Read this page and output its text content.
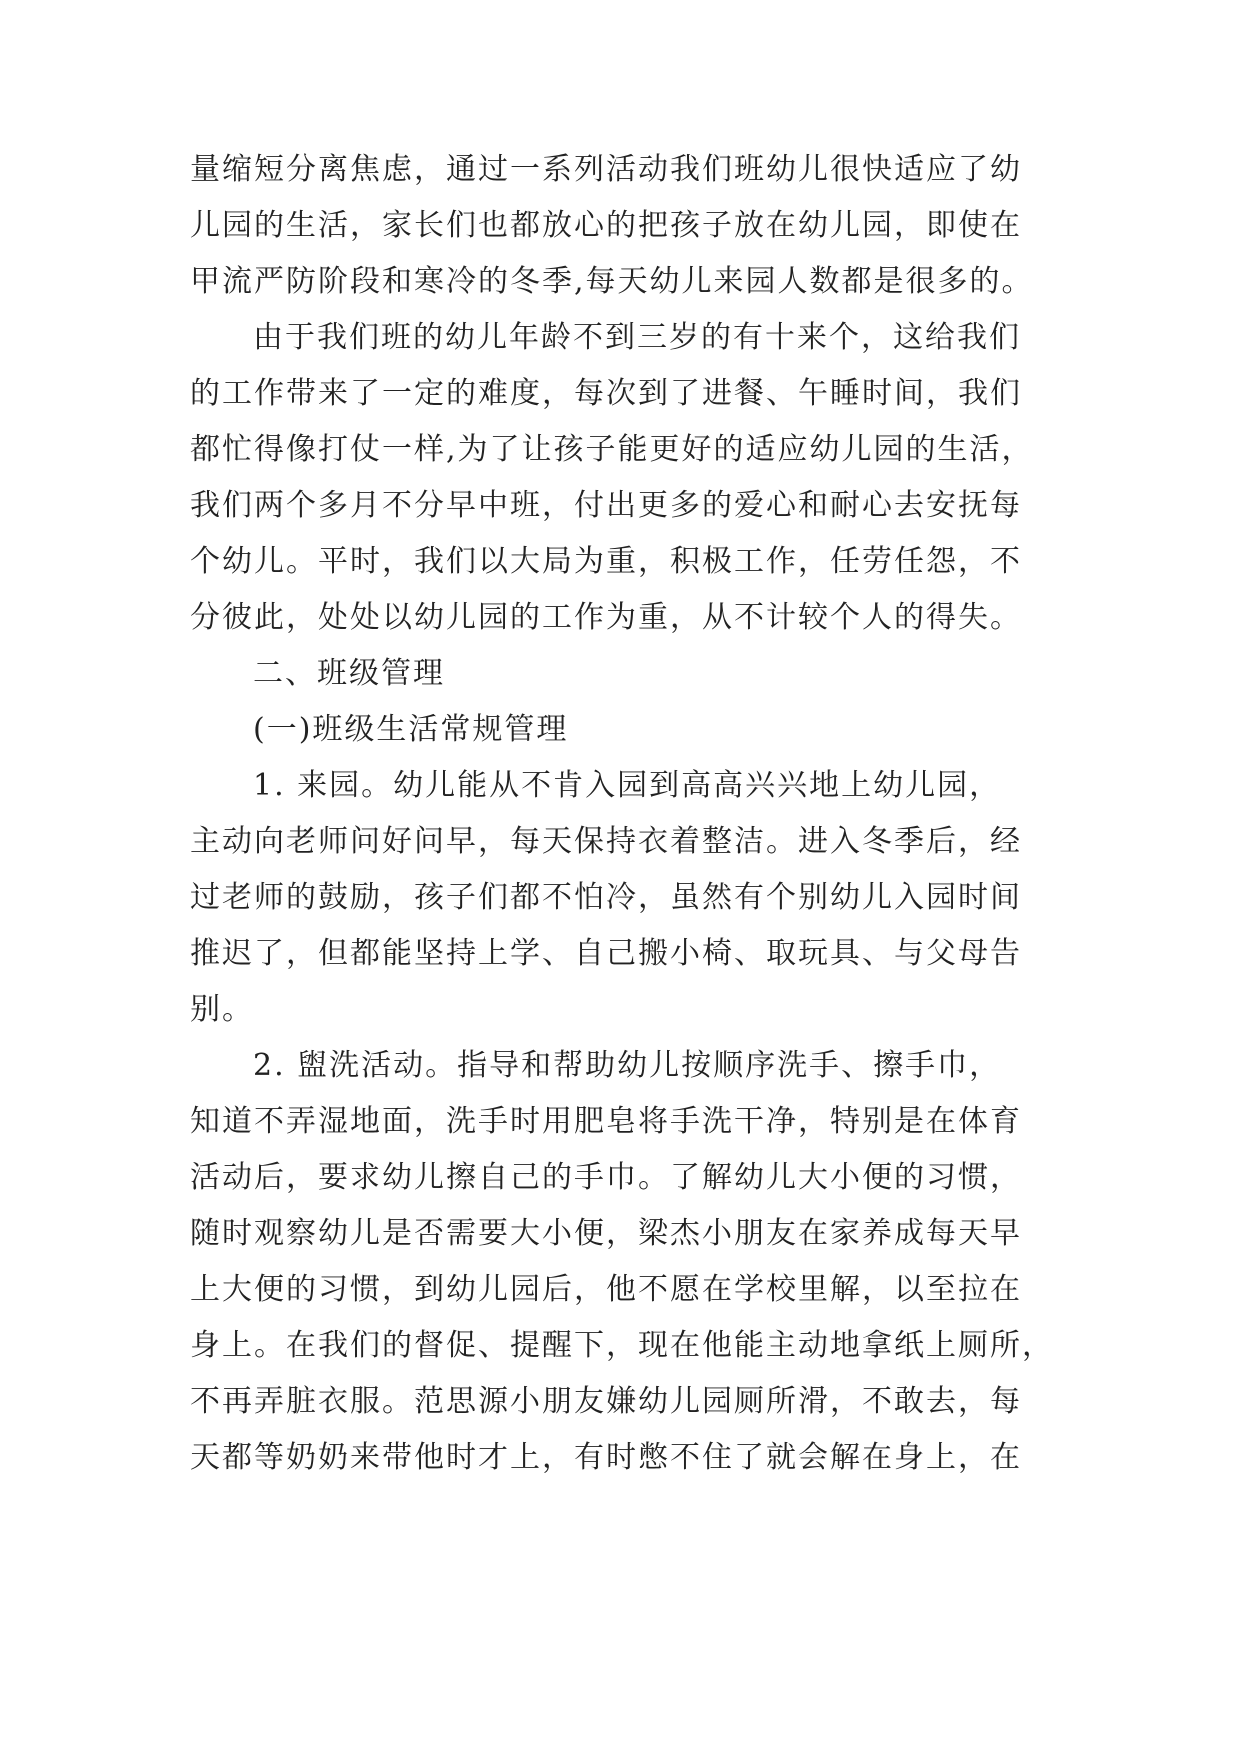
量缩短分离焦虑，通过一系列活动我们班幼儿很快适应了幼
儿园的生活，家长们也都放心的把孩子放在幼儿园，即使在
甲流严防阶段和寒冷的冬季,每天幼儿来园人数都是很多的。
由于我们班的幼儿年龄不到三岁的有十来个，这给我们
的工作带来了一定的难度，每次到了进餐、午睡时间，我们
都忙得像打仗一样,为了让孩子能更好的适应幼儿园的生活，
我们两个多月不分早中班，付出更多的爱心和耐心去安抚每
个幼儿。平时，我们以大局为重，积极工作，任劳任怨，不
分彼此，处处以幼儿园的工作为重，从不计较个人的得失。
二、班级管理
(一)班级生活常规管理
1. 来园。幼儿能从不肯入园到高高兴兴地上幼儿园，
主动向老师问好问早，每天保持衣着整洁。进入冬季后，经
过老师的鼓励，孩子们都不怕冷，虽然有个别幼儿入园时间
推迟了，但都能坚持上学、自己搬小椅、取玩具、与父母告
别。
2. 盥洗活动。指导和帮助幼儿按顺序洗手、擦手巾，
知道不弄湿地面，洗手时用肥皂将手洗干净，特别是在体育
活动后，要求幼儿擦自己的手巾。了解幼儿大小便的习惯，
随时观察幼儿是否需要大小便，梁杰小朋友在家养成每天早
上大便的习惯，到幼儿园后，他不愿在学校里解，以至拉在
身上。在我们的督促、提醒下，现在他能主动地拿纸上厕所，
不再弄脏衣服。范思源小朋友嫌幼儿园厕所滑，不敢去，每
天都等奶奶来带他时才上，有时憋不住了就会解在身上，在
